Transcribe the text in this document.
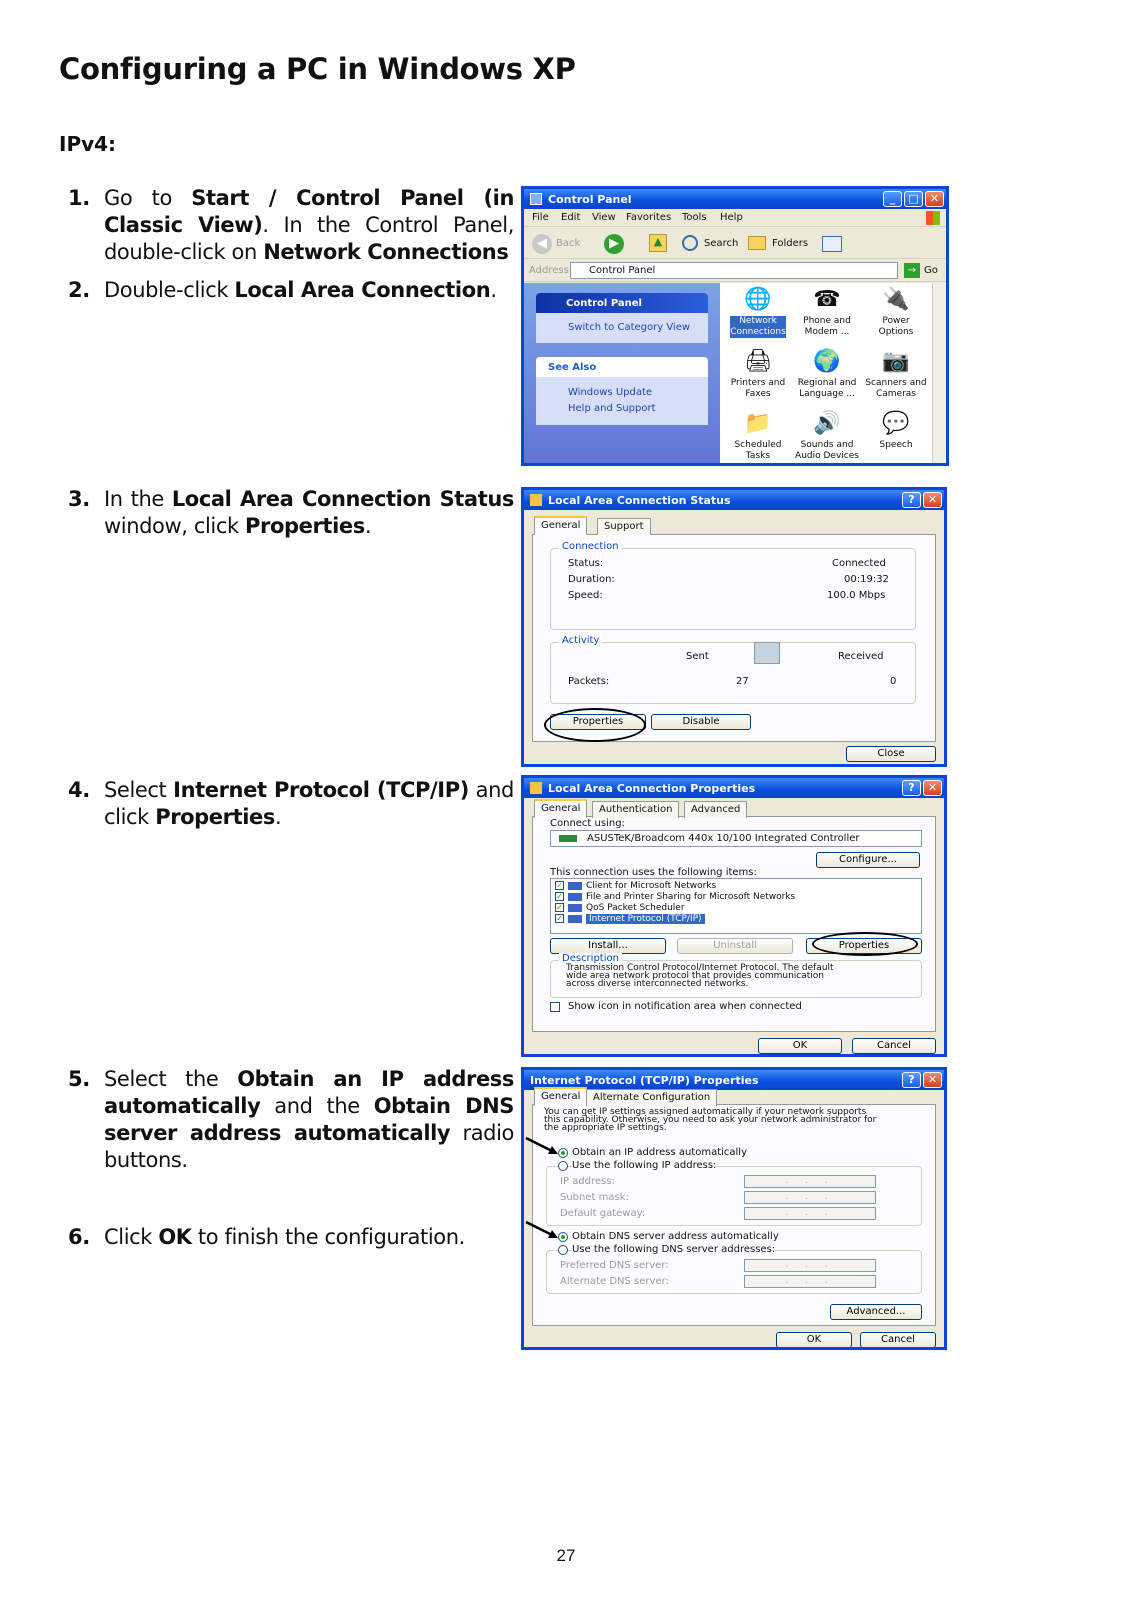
Configuring a PC in Windows XP
IPv4:
1. Go to Start / Control Panel (in Classic View). In the Control Panel, double-click on Network Connections
2. Double-click Local Area Connection.
3. In the Local Area Connection Status window, click Properties.
4. Select Internet Protocol (TCP/IP) and click Properties.
5. Select the Obtain an IP address automatically and the Obtain DNS server address automatically radio buttons.
6. Click OK to finish the configuration.
Control Panel	_	□	✕
File Edit View Favorites Tools Help
◀ Back	▶	▲	Search	Folders
Address Control Panel	→ Go
Control Panel
Switch to Category View
See Also
Windows Update
Help and Support
🌐
Network
Connections
☎
Phone and
Modem ...
🔌
Power Options
🖨
Printers and
Faxes
🌍
Regional and
Language ...
📷
Scanners and
Cameras
📁
Scheduled
Tasks
🔊
Sounds and
Audio Devices
💬
Speech
Local Area Connection Status	?	✕
General	Support
Connection
Status:	Connected
Duration:	00:19:32
Speed:	100.0 Mbps
Activity
Sent	Received
Packets:	27	0
Properties	Disable
Close
Local Area Connection Properties	?	✕
General	Authentication	Advanced
Connect using:
ASUSTeK/Broadcom 440x 10/100 Integrated Controller
Configure...
This connection uses the following items:
✓	Client for Microsoft Networks
✓	File and Printer Sharing for Microsoft Networks
✓	QoS Packet Scheduler
✓	Internet Protocol (TCP/IP)
Install...	Uninstall	Properties
Description
Transmission Control Protocol/Internet Protocol. The default
wide area network protocol that provides communication
across diverse interconnected networks.
Show icon in notification area when connected
OK	Cancel
Internet Protocol (TCP/IP) Properties	?	✕
General	Alternate Configuration
You can get IP settings assigned automatically if your network supports
this capability. Otherwise, you need to ask your network administrator for
the appropriate IP settings.
Obtain an IP address automatically
Use the following IP address:
IP address:	. . .
Subnet mask:	. . .
Default gateway:	. . .
Obtain DNS server address automatically
Use the following DNS server addresses:
Preferred DNS server:	. . .
Alternate DNS server:	. . .
Advanced...
OK	Cancel
27
